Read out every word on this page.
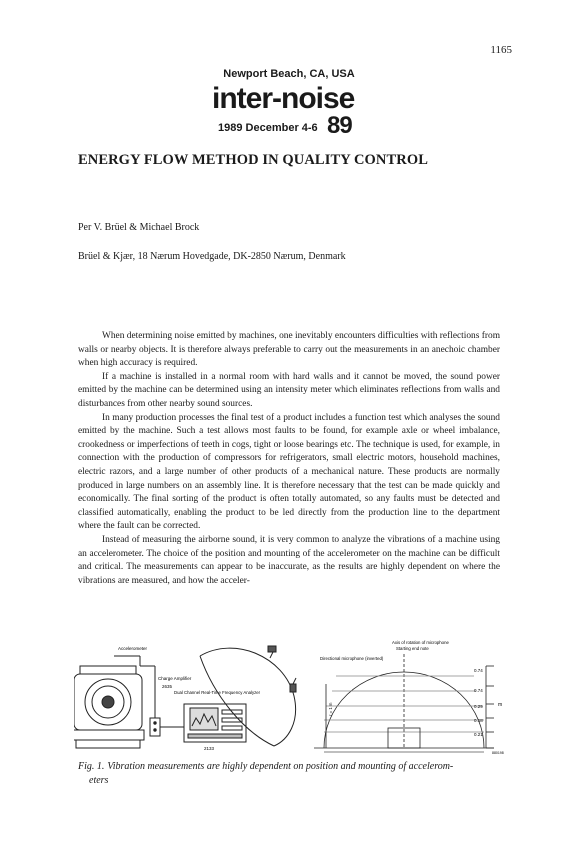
1165
Newport Beach, CA, USA
inter-noise
1989 December 4-6 89
ENERGY FLOW METHOD IN QUALITY CONTROL
Per V. Brüel & Michael Brock
Brüel & Kjær, 18 Nærum Hovedgade, DK-2850 Nærum, Denmark

When determining noise emitted by machines, one inevitably encounters difficulties with reflections from walls or nearby objects. It is therefore always preferable to carry out the measurements in an anechoic chamber when high accuracy is required.

If a machine is installed in a normal room with hard walls and it cannot be moved, the sound power emitted by the machine can be determined using an intensity meter which eliminates reflections from walls and disturbances from other nearby sound sources.

In many production processes the final test of a product includes a function test which analyses the sound emitted by the machine. Such a test allows most faults to be found, for example axle or wheel imbalance, crookedness or imperfections of teeth in cogs, tight or loose bearings etc. The technique is used, for example, in connection with the production of compressors for refrigerators, small electric motors, household machines, electric razors, and a large number of other products of a mechanical nature. These products are normally produced in large numbers on an assembly line. It is therefore necessary that the test can be made quickly and economically. The final sorting of the product is often totally automated, so any faults must be detected and classified automatically, enabling the product to be led directly from the production line to the department where the fault can be corrected.

Instead of measuring the airborne sound, it is very common to analyze the vibrations of a machine using an accelerometer. The choice of the position and mounting of the accelerometer on the machine can be difficult and critical. The measurements can appear to be inaccurate, as the results are highly dependent on where the vibrations are measured, and how the acceler-

Accelerometer
Charge Amplifier
2635
Dual Channel Real-Time Frequency Analyzer
2133
Axis of rotation of microphone
Starting end note
Directional microphone (inverted)
r = 1 m
0.74
0.74
0.29
0.18
0.21
m
880198
Fig. 1. Vibration measurements are highly dependent on position and mounting of accelerom-
eters
